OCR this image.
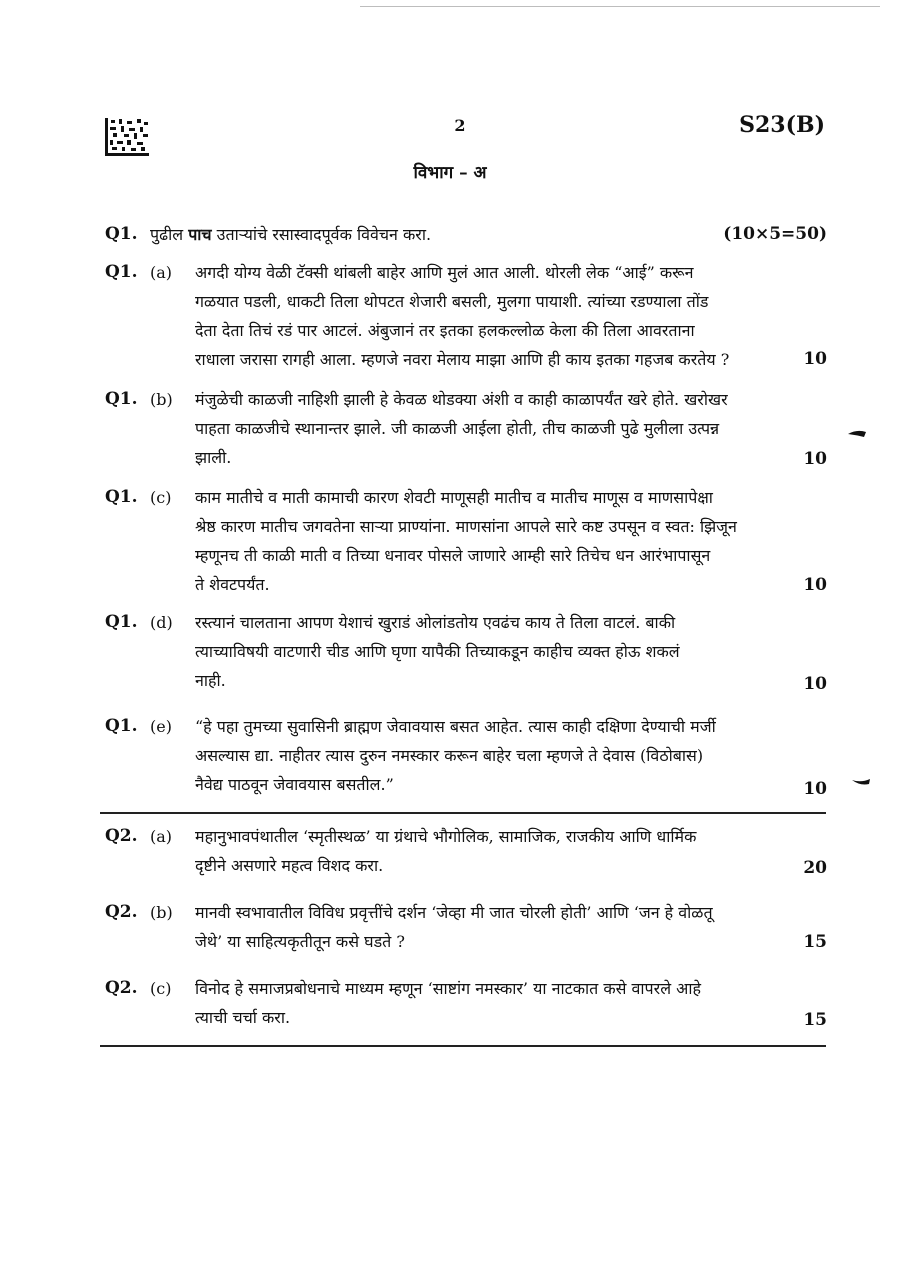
2	S23(B)
विभाग – अ
Q1. पुढील पाच उताऱ्यांचे रसास्वादपूर्वक विवेचन करा.	(10×5=50)
Q1. (a) अगदी योग्य वेळी टॅक्सी थांबली बाहेर आणि मुलं आत आली. थोरली लेक “आई” करून
गळयात पडली, धाकटी तिला थोपटत शेजारी बसली, मुलगा पायाशी. त्यांच्या रडण्याला तोंड
देता देता तिचं रडं पार आटलं. अंबुजानं तर इतका हलकल्लोळ केला की तिला आवरताना
राधाला जरासा रागही आला. म्हणजे नवरा मेलाय माझा आणि ही काय इतका गहजब करतेय ?	10
Q1. (b) मंजुळेची काळजी नाहिशी झाली हे केवळ थोडक्या अंशी व काही काळापर्यंत खरे होते. खरोखर
पाहता काळजीचे स्थानान्तर झाले. जी काळजी आईला होती, तीच काळजी पुढे मुलीला उत्पन्न
झाली.	10
Q1. (c) काम मातीचे व माती कामाची कारण शेवटी माणूसही मातीच व मातीच माणूस व माणसापेक्षा
श्रेष्ठ कारण मातीच जगवतेना साऱ्या प्राण्यांना. माणसांना आपले सारे कष्ट उपसून व स्वत: झिजून
म्हणूनच ती काळी माती व तिच्या धनावर पोसले जाणारे आम्ही सारे तिचेच धन आरंभापासून
ते शेवटपर्यंत.	10
Q1. (d) रस्त्यानं चालताना आपण येशाचं खुराडं ओलांडतोय एवढंच काय ते तिला वाटलं. बाकी
त्याच्याविषयी वाटणारी चीड आणि घृणा यापैकी तिच्याकडून काहीच व्यक्त होऊ शकलं
नाही.	10
Q1. (e) “हे पहा तुमच्या सुवासिनी ब्राह्मण जेवावयास बसत आहेत. त्यास काही दक्षिणा देण्याची मर्जी
असल्यास द्या. नाहीतर त्यास दुरुन नमस्कार करून बाहेर चला म्हणजे ते देवास (विठोबास)
नैवेद्य पाठवून जेवावयास बसतील.”	10
Q2. (a) महानुभावपंथातील ‘स्मृतीस्थळ’ या ग्रंथाचे भौगोलिक, सामाजिक, राजकीय आणि धार्मिक
दृष्टीने असणारे महत्व विशद करा.	20
Q2. (b) मानवी स्वभावातील विविध प्रवृत्तींचे दर्शन ‘जेव्हा मी जात चोरली होती’ आणि ‘जन हे वोळतू
जेथे’ या साहित्यकृतीतून कसे घडते ?	15
Q2. (c) विनोद हे समाजप्रबोधनाचे माध्यम म्हणून ‘साष्टांग नमस्कार’ या नाटकात कसे वापरले आहे
त्याची चर्चा करा.	15
